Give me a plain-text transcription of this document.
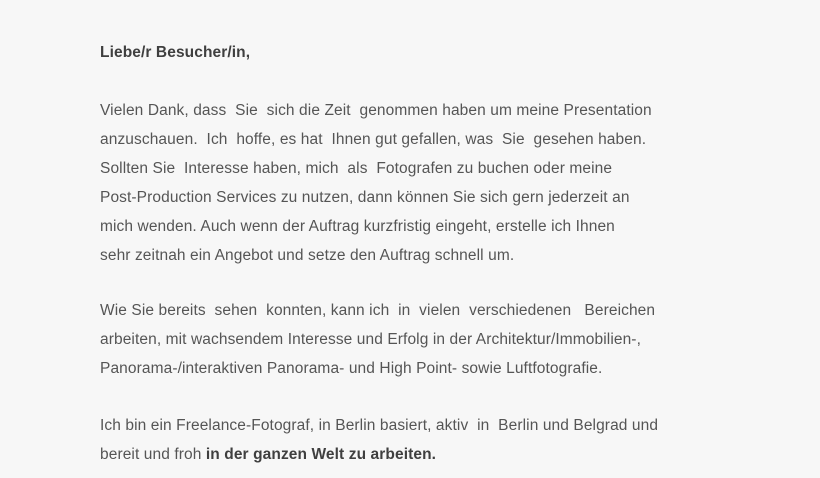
Liebe/r Besucher/in,

Vielen Dank, dass  Sie  sich die Zeit  genommen haben um meine Presentation
anzuschauen.  Ich  hoffe, es hat  Ihnen gut gefallen, was  Sie  gesehen haben.
Sollten Sie  Interesse haben, mich  als  Fotografen zu buchen oder meine
Post-Production Services zu nutzen, dann können Sie sich gern jederzeit an
mich wenden. Auch wenn der Auftrag kurzfristig eingeht, erstelle ich Ihnen
sehr zeitnah ein Angebot und setze den Auftrag schnell um.

Wie Sie bereits  sehen  konnten, kann ich  in  vielen  verschiedenen   Bereichen
arbeiten, mit wachsendem Interesse und Erfolg in der Architektur/Immobilien-,
Panorama-/interaktiven Panorama- und High Point- sowie Luftfotografie.

Ich bin ein Freelance-Fotograf, in Berlin basiert, aktiv  in  Berlin und Belgrad und
bereit und froh in der ganzen Welt zu arbeiten.
